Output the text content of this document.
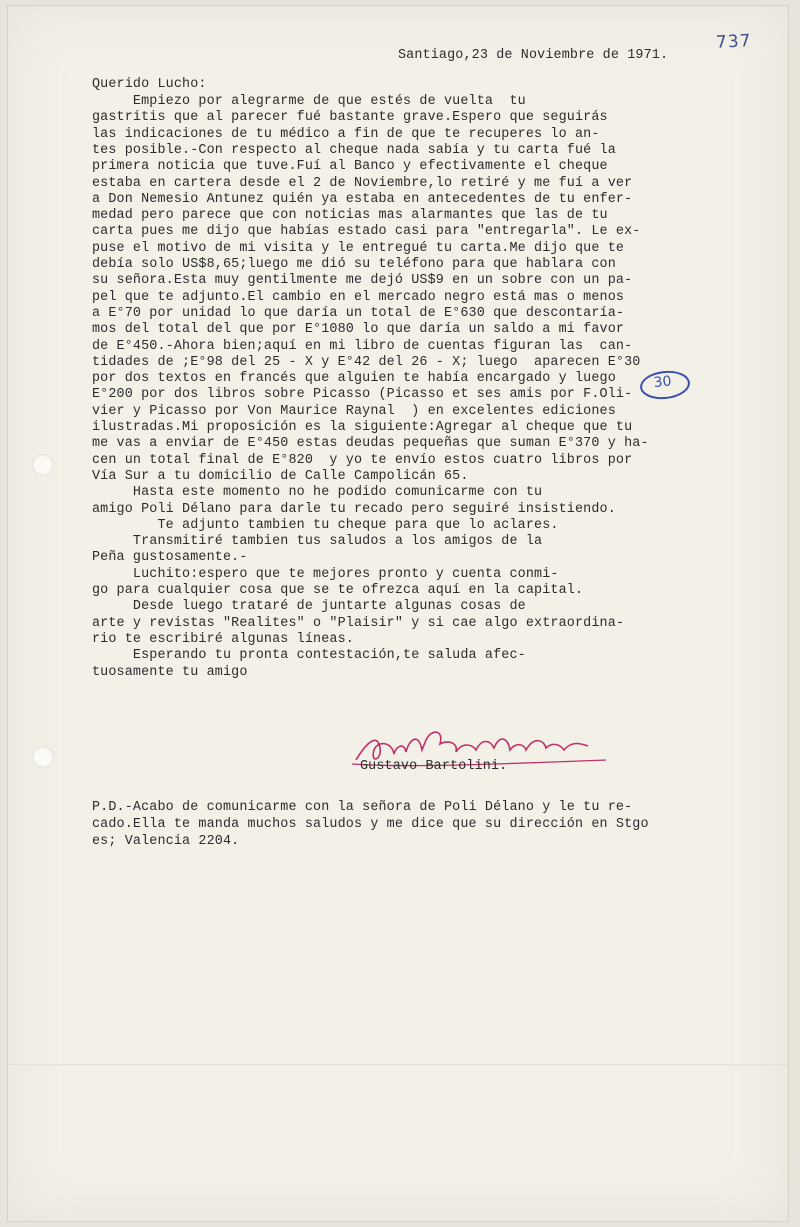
737
Santiago,23 de Noviembre de 1971.
Querido Lucho:
Empiezo por alegrarme de que estés de vuelta  tu
gastritis que al parecer fué bastante grave.Espero que seguirás
las indicaciones de tu médico a fin de que te recuperes lo an-
tes posible.-Con respecto al cheque nada sabía y tu carta fué la
primera noticia que tuve.Fuí al Banco y efectivamente el cheque
estaba en cartera desde el 2 de Noviembre,lo retiré y me fuí a ver
a Don Nemesio Antunez quién ya estaba en antecedentes de tu enfer-
medad pero parece que con noticias mas alarmantes que las de tu
carta pues me dijo que habías estado casi para "entregarla". Le ex-
puse el motivo de mi visita y le entregué tu carta.Me dijo que te
debía solo US$8,65;luego me dió su teléfono para que hablara con
su señora.Esta muy gentilmente me dejó US$9 en un sobre con un pa-
pel que te adjunto.El cambio en el mercado negro está mas o menos
a E°70 por unidad lo que daría un total de E°630 que descontaría-
mos del total del que por E°1080 lo que daría un saldo a mi favor
de E°450.-Ahora bien;aquí en mi libro de cuentas figuran las  can-
tidades de ;E°98 del 25 - X y E°42 del 26 - X; luego  aparecen E°30
por dos textos en francés que alguien te había encargado y luego
E°200 por dos libros sobre Picasso (Picasso et ses amis por F.Oli-
vier y Picasso por Von Maurice Raynal  ) en excelentes ediciones
ilustradas.Mi proposición es la siguiente:Agregar al cheque que tu
me vas a enviar de E°450 estas deudas pequeñas que suman E°370 y ha-
cen un total final de E°820  y yo te envío estos cuatro libros por
Vía Sur a tu domicilio de Calle Campolicán 65.
Hasta este momento no he podido comunicarme con tu
amigo Poli Délano para darle tu recado pero seguiré insistiendo.
Te adjunto tambien tu cheque para que lo aclares.
Transmitiré tambien tus saludos a los amigos de la
Peña gustosamente.-
Luchito:espero que te mejores pronto y cuenta conmi-
go para cualquier cosa que se te ofrezca aquí en la capital.
Desde luego trataré de juntarte algunas cosas de
arte y revistas "Realites" o "Plaisir" y si cae algo extraordina-
rio te escribiré algunas líneas.
Esperando tu pronta contestación,te saluda afec-
tuosamente tu amigo
30
Gustavo Bartolini.
P.D.-Acabo de comunicarme con la señora de Poli Délano y le tu re-
cado.Ella te manda muchos saludos y me dice que su dirección en Stgo
es; Valencia 2204.
